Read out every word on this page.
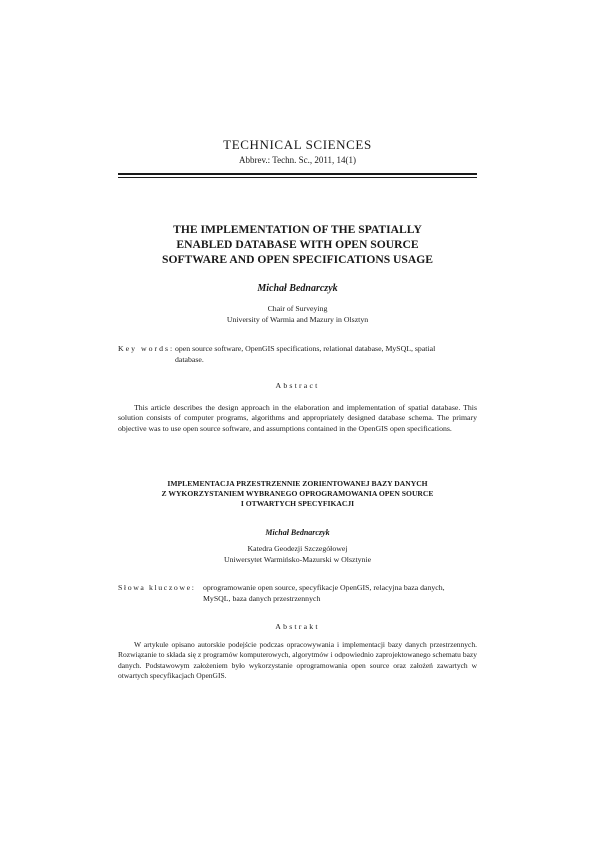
TECHNICAL SCIENCES
Abbrev.: Techn. Sc., 2011, 14(1)
THE IMPLEMENTATION OF THE SPATIALLY
ENABLED DATABASE WITH OPEN SOURCE
SOFTWARE AND OPEN SPECIFICATIONS USAGE
Michał Bednarczyk
Chair of Surveying
University of Warmia and Mazury in Olsztyn
Key words: open source software, OpenGIS specifications, relational database, MySQL, spatial
database.
Abstract
This article describes the design approach in the elaboration and implementation of spatial database. This solution consists of computer programs, algorithms and appropriately designed database schema. The primary objective was to use open source software, and assumptions contained in the OpenGIS open specifications.
IMPLEMENTACJA PRZESTRZENNIE ZORIENTOWANEJ BAZY DANYCH
Z WYKORZYSTANIEM WYBRANEGO OPROGRAMOWANIA OPEN SOURCE
I OTWARTYCH SPECYFIKACJI
Michał Bednarczyk
Katedra Geodezji Szczegółowej
Uniwersytet Warmińsko-Mazurski w Olsztynie
Słowa kluczowe: oprogramowanie open source, specyfikacje OpenGIS, relacyjna baza danych,
MySQL, baza danych przestrzennych
Abstrakt
W artykule opisano autorskie podejście podczas opracowywania i implementacji bazy danych przestrzennych. Rozwiązanie to składa się z programów komputerowych, algorytmów i odpowiednio zaprojektowanego schematu bazy danych. Podstawowym założeniem było wykorzystanie oprogramowania open source oraz założeń zawartych w otwartych specyfikacjach OpenGIS.
